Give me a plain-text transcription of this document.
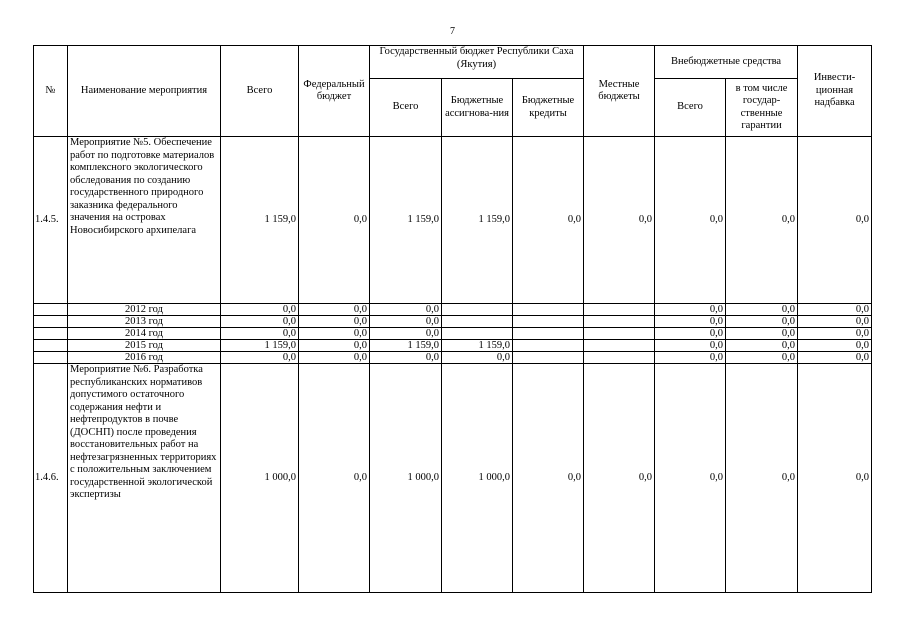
7
№	Наименование мероприятия	Всего	Федеральный бюджет	Государственный бюджет Республики Саха (Якутия)			Местные бюджеты	Внебюджетные средства		Инвести-ционная надбавка
				Всего	Бюджетные ассигнова-ния	Бюджетные кредиты		Всего	в том числе государ-ственные гарантии	
1.4.5.	Мероприятие №5. Обеспечение работ по подготовке материалов комплексного экологического обследования по созданию государственного природного заказника федерального значения на островах Новосибирского архипелага	1 159,0	0,0	1 159,0	1 159,0	0,0	0,0	0,0	0,0	0,0
	2012 год	0,0	0,0	0,0				0,0	0,0	0,0
	2013 год	0,0	0,0	0,0				0,0	0,0	0,0
	2014 год	0,0	0,0	0,0				0,0	0,0	0,0
	2015 год	1 159,0	0,0	1 159,0	1 159,0			0,0	0,0	0,0
	2016 год	0,0	0,0	0,0	0,0			0,0	0,0	0,0
1.4.6.	Мероприятие №6. Разработка республиканских нормативов допустимого остаточного содержания нефти и нефтепродуктов в почве (ДОСНП) после проведения восстановительных работ на нефтезагрязненных территориях с положительным заключением государственной экологической экспертизы	1 000,0	0,0	1 000,0	1 000,0	0,0	0,0	0,0	0,0	0,0
